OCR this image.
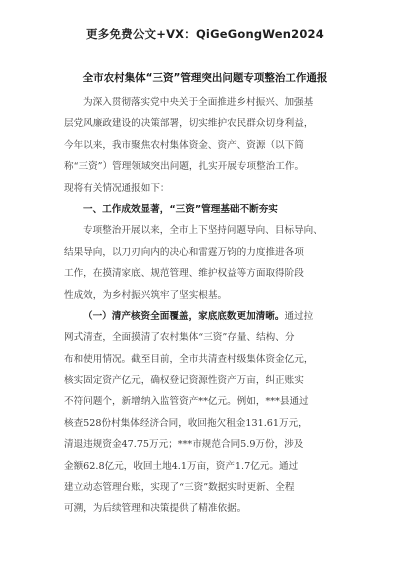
更多免费公文+VX：QiGeGongWen2024
全市农村集体“三资”管理突出问题专项整治工作通报
为深入贯彻落实党中央关于全面推进乡村振兴、加强基
层党风廉政建设的决策部署，切实维护农民群众切身利益，
今年以来，我市聚焦农村集体资金、资产、资源（以下简
称“三资”）管理领域突出问题，扎实开展专项整治工作。
现将有关情况通报如下：
一、工作成效显著，“三资”管理基础不断夯实
专项整治开展以来，全市上下坚持问题导向、目标导向、
结果导向，以刀刃向内的决心和雷霆万钧的力度推进各项
工作，在摸清家底、规范管理、维护权益等方面取得阶段
性成效，为乡村振兴筑牢了坚实根基。
（一）清产核资全面覆盖，家底底数更加清晰。通过拉
网式清查，全面摸清了农村集体“三资”存量、结构、分
布和使用情况。截至目前，全市共清查村级集体资金亿元，
核实固定资产亿元，确权登记资源性资产万亩，纠正账实
不符问题个，新增纳入监管资产**亿元。例如，***县通过
核查528份村集体经济合同，收回拖欠租金131.61万元，
清退违规资金47.75万元；***市规范合同5.9万份，涉及
金额62.8亿元，收回土地4.1万亩，资产1.7亿元。通过
建立动态管理台账，实现了“三资”数据实时更新、全程
可溯，为后续管理和决策提供了精准依据。
